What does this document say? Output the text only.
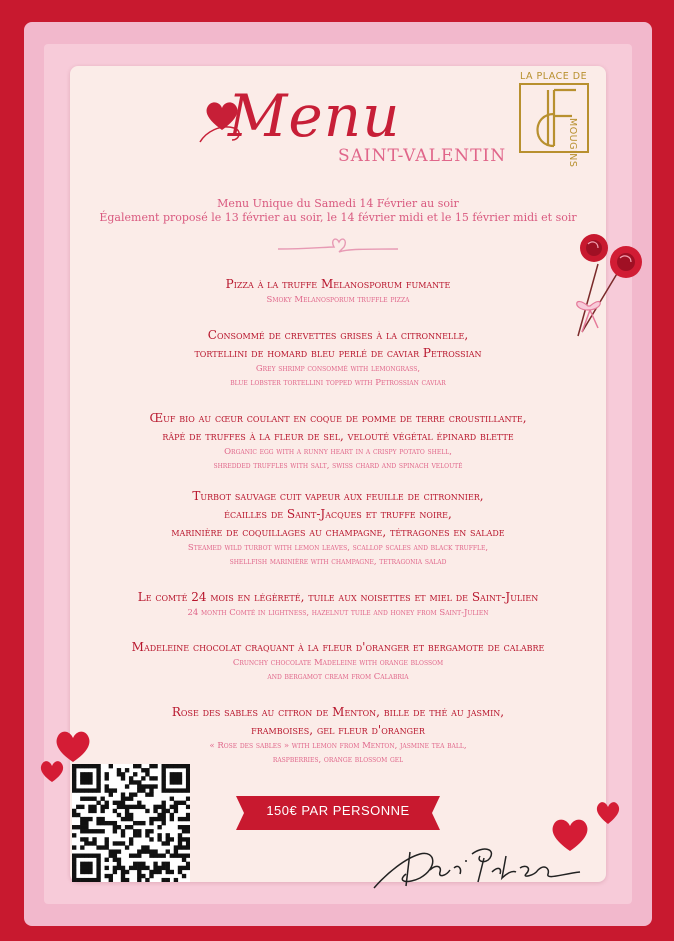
Menu
SAINT-VALENTIN
LA PLACE DE
MOUGINS
Menu Unique du Samedi 14 Février au soir
Également proposé le 13 février au soir, le 14 février midi et le 15 février midi et soir
Pizza à la truffe Melanosporum fumante
Smoky Melanosporum truffle pizza
Consommé de crevettes grises à la citronnelle,
tortellini de homard bleu perlé de caviar Petrossian
Grey shrimp consommé with lemongrass,
blue lobster tortellini topped with Petrossian caviar
Œuf bio au cœur coulant en coque de pomme de terre croustillante,
râpé de truffes à la fleur de sel, velouté végétal épinard blette
Organic egg with a runny heart in a crispy potato shell,
shredded truffles with salt, swiss chard and spinach velouté
Turbot sauvage cuit vapeur aux feuille de citronnier,
écailles de Saint-Jacques et truffe noire,
marinière de coquillages au champagne, tétragones en salade
Steamed wild turbot with lemon leaves, scallop scales and black truffle,
shellfish marinière with champagne, tetragonia salad
Le comté 24 mois en légèreté, tuile aux noisettes et miel de Saint-Julien
24 month Comté in lightness, hazelnut tuile and honey from Saint-Julien
Madeleine chocolat craquant à la fleur d'oranger et bergamote de calabre
Crunchy chocolate Madeleine with orange blossom
and bergamot cream from Calabria
Rose des sables au citron de Menton, bille de thé au jasmin,
framboises, gel fleur d'oranger
« Rose des sables » with lemon from Menton, jasmine tea ball,
raspberries, orange blossom gel
150€ PAR PERSONNE
